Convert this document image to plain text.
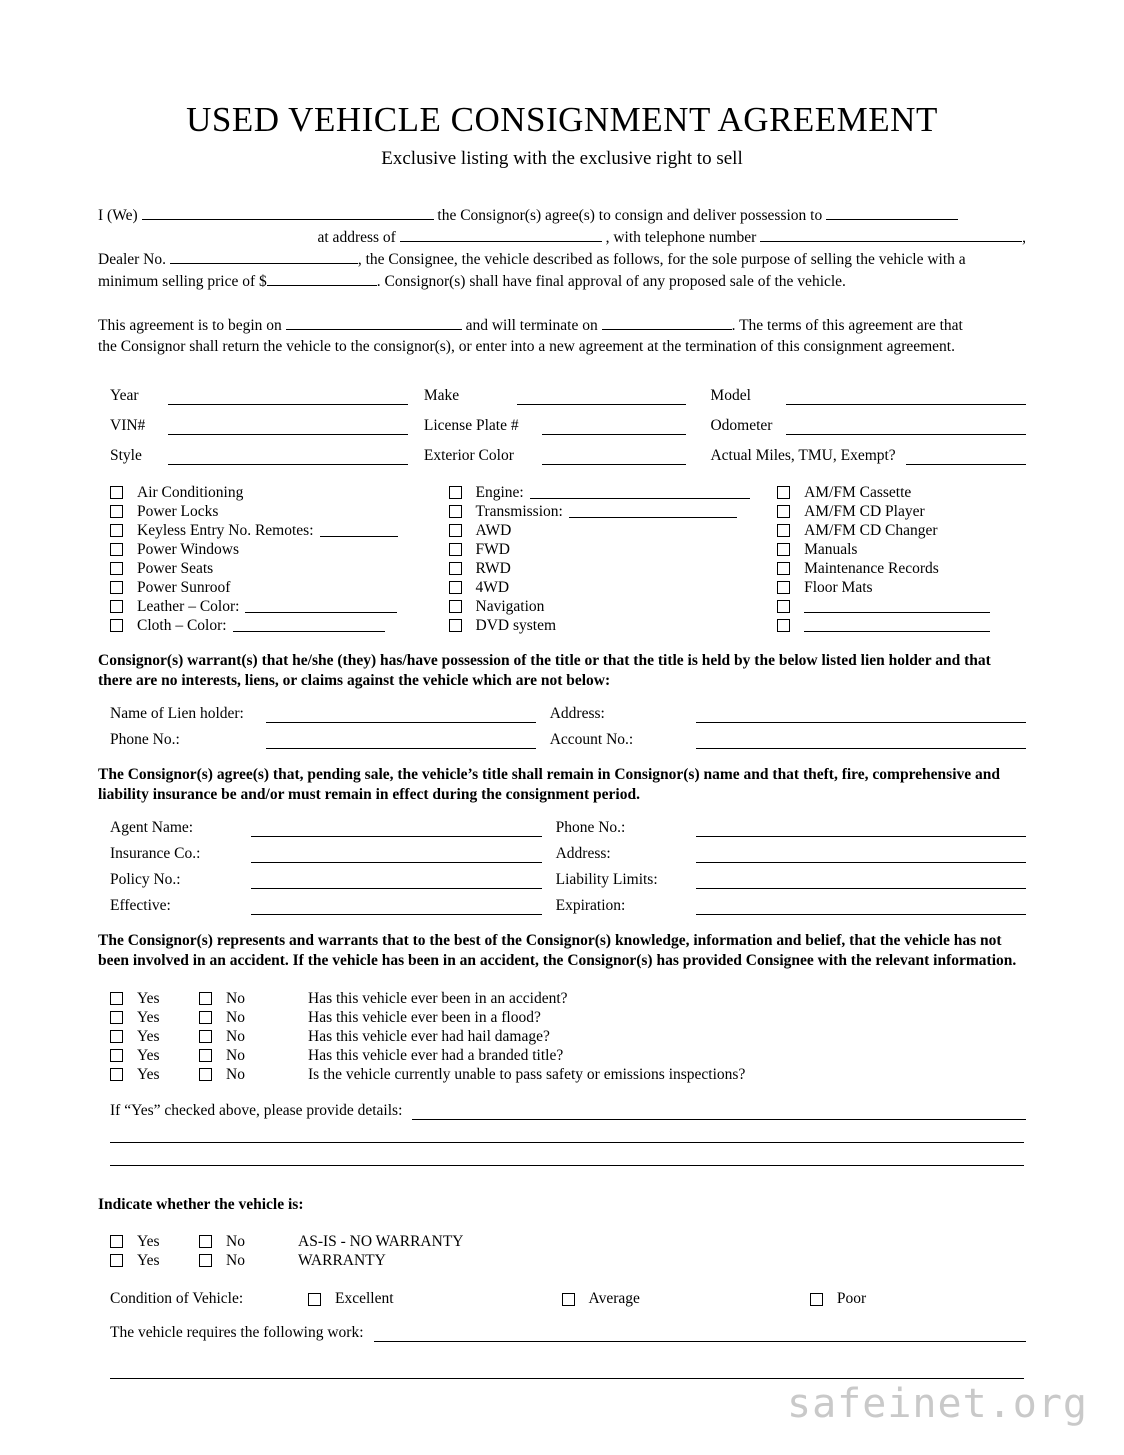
USED VEHICLE CONSIGNMENT AGREEMENT
Exclusive listing with the exclusive right to sell
I (We)	the Consignor(s) agree(s) to consign and deliver possession to
at address of	, with telephone number	,
Dealer No.	, the Consignee, the vehicle described as follows, for the sole purpose of selling the vehicle with a
minimum selling price of $	. Consignor(s) shall have final approval of any proposed sale of the vehicle.
This agreement is to begin on	and will terminate on	. The terms of this agreement are that
the Consignor shall return the vehicle to the consignor(s), or enter into a new agreement at the termination of this consignment agreement.
Year	Make	Model
VIN#	License Plate #	Odometer
Style	Exterior Color	Actual Miles, TMU, Exempt?
Air Conditioning
Power Locks
Keyless Entry No. Remotes:
Power Windows
Power Seats
Power Sunroof
Leather – Color:
Cloth – Color:
Engine:
Transmission:
AWD
FWD
RWD
4WD
Navigation
DVD system
AM/FM Cassette
AM/FM CD Player
AM/FM CD Changer
Manuals
Maintenance Records
Floor Mats
Consignor(s) warrant(s) that he/she (they) has/have possession of the title or that the title is held by the below listed lien holder and that there are no interests, liens, or claims against the vehicle which are not below:
Name of Lien holder:	Address:
Phone No.:	Account No.:
The Consignor(s) agree(s) that, pending sale, the vehicle’s title shall remain in Consignor(s) name and that theft, fire, comprehensive and liability insurance be and/or must remain in effect during the consignment period.
Agent Name:	Phone No.:
Insurance Co.:	Address:
Policy No.:	Liability Limits:
Effective:	Expiration:
The Consignor(s) represents and warrants that to the best of the Consignor(s) knowledge, information and belief, that the vehicle has not been involved in an accident. If the vehicle has been in an accident, the Consignor(s) has provided Consignee with the relevant information.
Yes	No	Has this vehicle ever been in an accident?
Yes	No	Has this vehicle ever been in a flood?
Yes	No	Has this vehicle ever had hail damage?
Yes	No	Has this vehicle ever had a branded title?
Yes	No	Is the vehicle currently unable to pass safety or emissions inspections?
If “Yes” checked above, please provide details:
Indicate whether the vehicle is:
Yes	No	AS-IS - NO WARRANTY
Yes	No	WARRANTY
Condition of Vehicle:	Excellent	Average	Poor
The vehicle requires the following work:
safeinet.org
